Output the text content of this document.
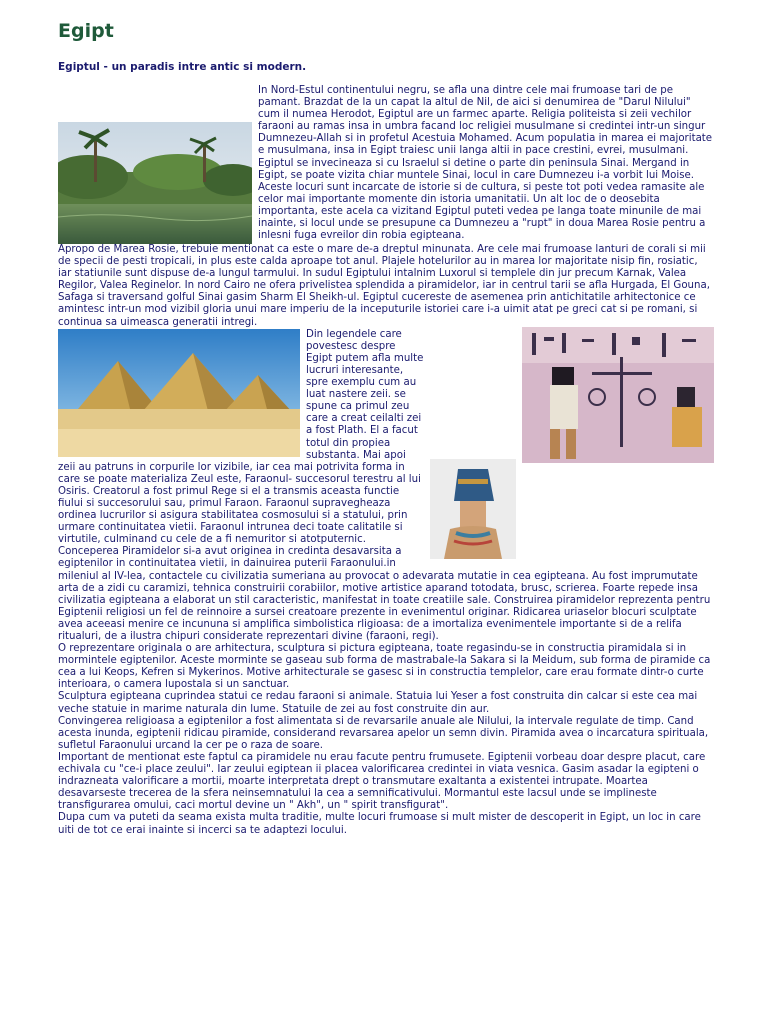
Egipt
Egiptul - un paradis intre antic si modern.

In Nord-Estul continentului negru, se afla una dintre cele mai frumoase tari de pe pamant. Brazdat de la un capat la altul de Nil, de aici si denumirea de "Darul Nilului" cum il numea Herodot, Egiptul are un farmec aparte. Religia politeista si zeii vechilor faraoni au ramas insa in umbra facand loc religiei musulmane si credintei intr-un singur Dumnezeu-Allah si in profetul Acestuia Mohamed. Acum populatia in marea ei majoritate e musulmana, insa in Egipt traiesc unii langa altii in pace crestini, evrei, musulmani. Egiptul se invecineaza si cu Israelul si detine o parte din peninsula Sinai. Mergand in Egipt, se poate vizita chiar muntele Sinai, locul in care Dumnezeu i-a vorbit lui Moise. Aceste locuri sunt incarcate de istorie si de cultura, si peste tot poti vedea ramasite ale celor mai importante momente din istoria umanitatii. Un alt loc de o deosebita importanta, este acela ca vizitand Egiptul puteti vedea pe langa toate minunile de mai inainte, si locul unde se presupune ca Dumnezeu a "rupt" in doua Marea Rosie pentru a inlesni fuga evreilor din robia egipteana.

Apropo de Marea Rosie, trebuie mentionat ca este o mare de-a dreptul minunata. Are cele mai frumoase lanturi de corali si mii de specii de pesti tropicali, in plus este calda aproape tot anul. Plajele hotelurilor au in marea lor majoritate nisip fin, rosiatic, iar statiunile sunt dispuse de-a lungul tarmului. In sudul Egiptului intalnim Luxorul si templele din jur precum Karnak, Valea Regilor, Valea Reginelor. In nord Cairo ne ofera privelistea splendida a piramidelor, iar in centrul tarii se afla Hurgada, El Gouna, Safaga si traversand golful Sinai gasim Sharm El Sheikh-ul. Egiptul cucereste de asemenea prin antichitatile arhitectonice ce amintesc intr-un mod vizibil gloria unui mare imperiu de la inceputurile istoriei care i-a uimit atat pe greci cat si pe romani, si continua sa uimeasca generatii intregi.

Din legendele care povestesc despre Egipt putem afla multe lucruri interesante, spre exemplu cum au luat nastere zeii. se spune ca primul zeu care a creat ceilalti zei a fost Plath. El a facut totul din propiea substanta. Mai apoi zeii au patruns in corpurile lor vizibile, iar cea mai potrivita forma in care se poate materializa Zeul este, Faraonul- succesorul terestru al lui Osiris. Creatorul a fost primul Rege si el a transmis aceasta functie fiului si succesorului sau, primul Faraon. Faraonul supravegheaza ordinea lucrurilor si asigura stabilitatea cosmosului si a statului, prin urmare continuitatea vietii. Faraonul intrunea deci toate calitatile si virtutile, culminand cu cele de a fi nemuritor si atotputernic. Conceperea Piramidelor si-a avut originea in credinta desavarsita a egiptenilor in continuitatea vietii, in dainuirea puterii Faraonului.in mileniul al IV-lea, contactele cu civilizatia sumeriana au provocat o adevarata mutatie in cea egipteana. Au fost imprumutate arta de a zidi cu caramizi, tehnica construirii corabiilor, motive artistice aparand totodata, brusc, scrierea. Foarte repede insa civilizatia egipteana a elaborat un stil caracteristic, manifestat in toate creatiile sale. Construirea piramidelor reprezenta pentru Egiptenii religiosi un fel de reinnoire a sursei creatoare prezente in evenimentul originar. Ridicarea uriaselor blocuri sculptate avea aceeasi menire ce incununa si amplifica simbolistica rligioasa: de a imortaliza evenimentele importante si de a relifa ritualuri, de a ilustra chipuri considerate reprezentari divine (faraoni, regi).

O reprezentare originala o are arhitectura, sculptura si pictura egipteana, toate regasindu-se in constructia piramidala si in mormintele egiptenilor. Aceste morminte se gaseau sub forma de mastrabale-la Sakara si la Meidum, sub forma de piramide ca cea a lui Keops, Kefren si Mykerinos. Motive arhitecturale se gasesc si in constructia templelor, care erau formate dintr-o curte interioara, o camera lupostala si un sanctuar.

Sculptura egipteana cuprindea statui ce redau faraoni si animale. Statuia lui Yeser a fost construita din calcar si este cea mai veche statuie in marime naturala din lume. Statuile de zei au fost construite din aur.

Convingerea religioasa a egiptenilor a fost alimentata si de revarsarile anuale ale Nilului, la intervale regulate de timp. Cand acesta inunda, egiptenii ridicau piramide, considerand revarsarea apelor un semn divin. Piramida avea o incarcatura spirituala, sufletul Faraonului urcand la cer pe o raza de soare.

Important de mentionat este faptul ca piramidele nu erau facute pentru frumusete. Egiptenii vorbeau doar despre placut, care echivala cu "ce-i place zeului". Iar zeului egiptean ii placea valorificarea credintei in viata vesnica. Gasim asadar la egipteni o indrazneata valorificare a mortii, moarte interpretata drept o transmutare exaltanta a existentei intrupate. Moartea desavarseste trecerea de la sfera neinsemnatului la cea a semnificativului. Mormantul este lacsul unde se implineste transfigurarea omului, caci mortul devine un " Akh", un " spirit transfigurat".

Dupa cum va puteti da seama exista multa traditie, multe locuri frumoase si mult mister de descoperit in Egipt, un loc in care uiti de tot ce erai inainte si incerci sa te adaptezi locului.
